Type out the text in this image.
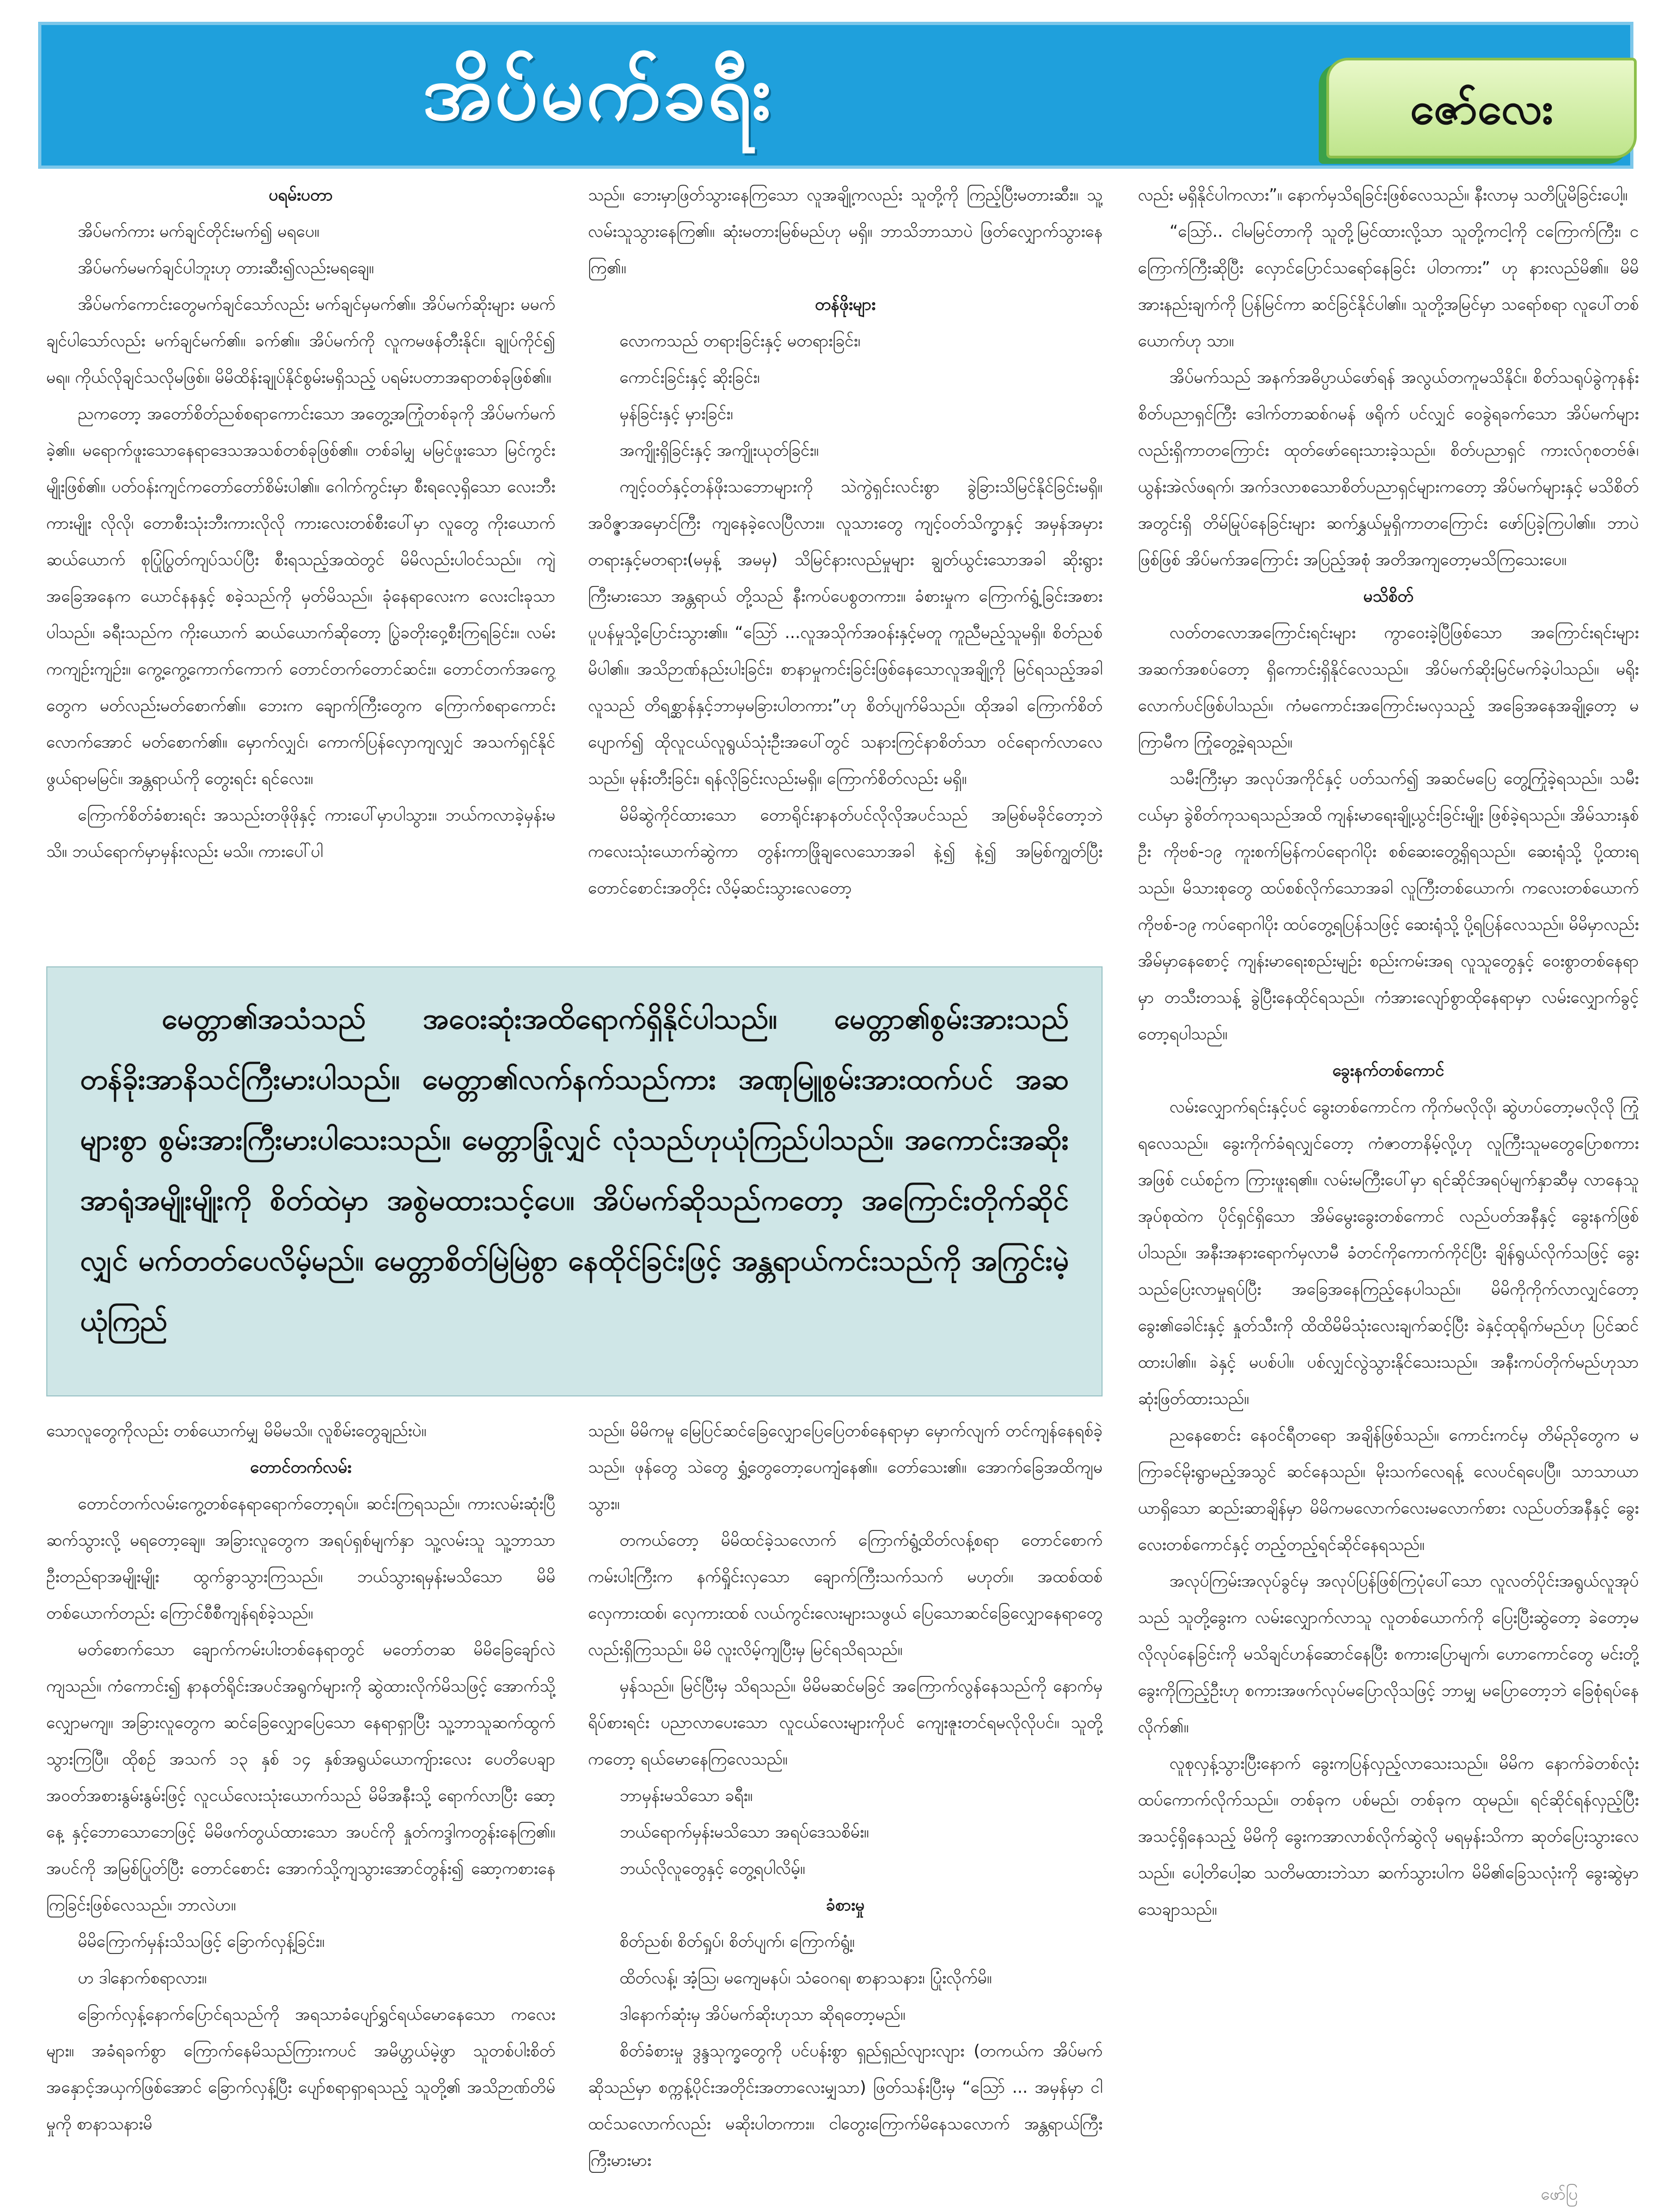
အိပ်မက်ခရီး	ဇော်လေး

ပရမ်းပတာ

အိပ်မက်ကား မက်ချင်တိုင်းမက်၍ မရပေ။

အိပ်မက်မမက်ချင်ပါဘူးဟု တားဆီး၍လည်းမရချေ။

အိပ်မက်ကောင်းတွေမက်ချင်သော်လည်း မက်ချင်မှမက်၏။ အိပ်မက်ဆိုးများ မမက်ချင်ပါသော်လည်း မက်ချင်မက်၏။ ခက်၏။ အိပ်မက်ကို လူကမဖန်တီးနိုင်။ ချုပ်ကိုင်၍ မရ။ ကိုယ်လိုချင်သလိုမဖြစ်။ မိမိထိန်းချုပ်နိုင်စွမ်းမရှိသည့် ပရမ်းပတာအရာတစ်ခုဖြစ်၏။

ညကတော့ အတော်စိတ်ညစ်စရာကောင်းသော အတွေ့အကြုံတစ်ခုကို အိပ်မက်မက်ခဲ့၏။ မရောက်ဖူးသောနေရာဒေသအသစ်တစ်ခုဖြစ်၏။ တစ်ခါမျှ မမြင်ဖူးသော မြင်ကွင်းမျိုးဖြစ်၏။ ပတ်ဝန်းကျင်ကတော်တော်စိမ်းပါ၏။ ဂေါက်ကွင်းမှာ စီးရလေ့ရှိသော လေးဘီးကားမျိုး လိုလို၊ တောစီးသုံးဘီးကားလိုလို ကားလေးတစ်စီးပေါ်မှာ လူတွေ ကိုးယောက်ဆယ်ယောက် စုပြုံပြွတ်ကျပ်သပ်ပြီး စီးရသည့်အထဲတွင် မိမိလည်းပါဝင်သည်။ ကျဲအခြေအနေက ယောင်နနနှင့် စခဲ့သည်ကို မှတ်မိသည်။ ခုံနေရာလေးက လေးငါးခုသာပါသည်။ ခရီးသည်က ကိုးယောက် ဆယ်ယောက်ဆိုတော့ ပြွဲခတိုးဝှေ့စီးကြရခြင်း။ လမ်းကကျဉ်းကျဉ်း။ ကွေ့ကွေ့ကောက်ကောက် တောင်တက်တောင်ဆင်း။ တောင်တက်အကွေ့တွေက မတ်လည်းမတ်စောက်၏။ ဘေးက ချောက်ကြီးတွေက ကြောက်စရာကောင်းလောက်အောင် မတ်စောက်၏။ မှောက်လျှင်၊ ကောက်ပြန်လှောကျလျှင် အသက်ရှင်နိုင်ဖွယ်ရာမမြင်။ အန္တရာယ်ကို တွေးရင်း ရင်လေး။

ကြောက်စိတ်ခံစားရင်း အသည်းတဖိုဖိုနှင့် ကားပေါ်မှာပါသွား။ ဘယ်ကလာခဲ့မှန်းမသိ။ ဘယ်ရောက်မှာမှန်းလည်း မသိ။ ကားပေါ်ပါ

သည်။ ဘေးမှာဖြတ်သွားနေကြသော လူအချို့ကလည်း သူတို့ကို ကြည့်ပြီးမတားဆီး။ သူ့လမ်းသူသွားနေကြ၏။ ဆုံးမတားမြစ်မည်ဟု မရှိ။ ဘာသိဘာသာပဲ ဖြတ်လျှောက်သွားနေကြ၏။

တန်ဖိုးများ

လောကသည် တရားခြင်းနှင့် မတရားခြင်း၊

ကောင်းခြင်းနှင့် ဆိုးခြင်း၊

မှန်ခြင်းနှင့် မှားခြင်း၊

အကျိုးရှိခြင်းနှင့် အကျိုးယုတ်ခြင်း။

ကျင့်ဝတ်နှင့်တန်ဖိုးသဘောများကို သဲကွဲရှင်းလင်းစွာ ခွဲခြားသိမြင်နိုင်ခြင်းမရှိ။ အဝိဇ္ဇာအမှောင်ကြီး ကျနေခဲ့လေပြီလား။ လူသားတွေ ကျင့်ဝတ်သိက္ခာနှင့် အမှန်အမှား တရားနှင့်မတရား(မမှန့် အမမှ) သိမြင်နားလည်မှုများ ချွတ်ယွင်းသောအခါ ဆိုးရွားကြီးမားသော အန္တရာယ် တို့သည် နီးကပ်ပေစွတကား။ ခံစားမှုက ကြောက်ရွံ့ခြင်းအစား ပူပန်မှုသို့ပြောင်းသွား၏။ “ဩော် ...လူအသိုက်အဝန်းနှင့်မတူ ကူညီမည့်သူမရှိ။ စိတ်ညစ်မိပါ၏။ အသိဉာဏ်နည်းပါးခြင်း၊ စာနာမှုကင်းခြင်းဖြစ်နေသောလူအချို့ကို မြင်ရသည့်အခါ လူသည် တိရစ္ဆာန်နှင့်ဘာမှမခြားပါတကား”ဟု စိတ်ပျက်မိသည်။ ထိုအခါ ကြောက်စိတ်ပျောက်၍ ထိုလူငယ်လူရွယ်သုံးဦးအပေါ်တွင် သနားကြင်နာစိတ်သာ ဝင်ရောက်လာလေသည်။ မုန်းတီးခြင်း၊ ရန်လိုခြင်းလည်းမရှိ။ ကြောက်စိတ်လည်း မရှိ။

မိမိဆွဲကိုင်ထားသော တောရိုင်းနာနတ်ပင်လိုလိုအပင်သည် အမြစ်မခိုင်တော့ဘဲ ကလေးသုံးယောက်ဆွဲကာ တွန်းကာဖြိုချလေသောအခါ နဲ့၍ နဲ့၍ အမြစ်ကျွတ်ပြီး တောင်စောင်းအတိုင်း လိမ့်ဆင်းသွားလေတော့

လည်း မရှိနိုင်ပါကလား”။ နောက်မှသိရခြင်းဖြစ်လေသည်။ နီးလာမှ သတိပြုမိခြင်းပေါ့။

“ဩော်.. ငါမမြင်တာကို သူတို့မြင်ထားလို့သာ သူတို့ကငါ့ကို ငကြောက်ကြီး၊ ငကြောက်ကြီးဆိုပြီး လှောင်ပြောင်သရော်နေခြင်း ပါတကား” ဟု နားလည်မိ၏။ မိမိအားနည်းချက်ကို ပြန်မြင်ကာ ဆင်ခြင်နိုင်ပါ၏။ သူတို့အမြင်မှာ သရော်စရာ လူပေါ်တစ်ယောက်ဟု သာ။

အိပ်မက်သည် အနက်အဓိပ္ပာယ်ဖော်ရန် အလွယ်တကူမသိနိုင်။ စိတ်သရုပ်ခွဲကုနန်း စိတ်ပညာရှင်ကြီး ဒေါက်တာဆစ်ဂမန် ဖရိုက် ပင်လျှင် ဝေခွဲရခက်သော အိပ်မက်များလည်းရှိကာတကြောင်း ထုတ်ဖော်ရေးသားခဲ့သည်။ စိတ်ပညာရှင် ကားလ်ဂုစတဗ်ဇ်၊ ယွန်းအဲလ်ဖရက်၊ အက်ဒလာစသောစိတ်ပညာရှင်များကတော့ အိပ်မက်များနှင့် မသိစိတ်အတွင်းရှိ တိမ်မြုပ်နေခြင်းများ ဆက်နွှယ်မှုရှိကာတကြောင်း ဖော်ပြခဲ့ကြပါ၏။ ဘာပဲဖြစ်ဖြစ် အိပ်မက်အကြောင်း အပြည့်အစုံ အတိအကျတော့မသိကြသေးပေ။

မသိစိတ်

လတ်တလောအကြောင်းရင်းများ ကွာဝေးခဲ့ပြီဖြစ်သော အကြောင်းရင်းများ အဆက်အစပ်တော့ ရှိကောင်းရှိနိုင်လေသည်။ အိပ်မက်ဆိုးမြင်မက်ခဲ့ပါသည်။ မရိုးလောက်ပင်ဖြစ်ပါသည်။ ကံမကောင်းအကြောင်းမလှသည့် အခြေအနေအချို့တော့ မကြာမီက ကြုံတွေ့ခဲ့ရသည်။

သမီးကြီးမှာ အလုပ်အကိုင်နှင့် ပတ်သက်၍ အဆင်မပြေ တွေ့ကြုံခဲ့ရသည်။ သမီးငယ်မှာ ခွဲစိတ်ကုသရသည်အထိ ကျန်းမာရေးချို့ယွင်းခြင်းမျိုး ဖြစ်ခဲ့ရသည်။ အိမ်သားနှစ်ဦး ကိုဗစ်-၁၉ ကူးစက်မြန်ကပ်ရောဂါပိုး စစ်ဆေးတွေ့ရှိရသည်။ ဆေးရုံသို့ ပို့ထားရသည်။ မိသားစုတွေ ထပ်စစ်လိုက်သောအခါ လူကြီးတစ်ယောက်၊ ကလေးတစ်ယောက် ကိုဗစ်-၁၉ ကပ်ရောဂါပိုး ထပ်တွေ့ရပြန်သဖြင့် ဆေးရုံသို့ ပို့ရပြန်လေသည်။ မိမိမှာလည်း အိမ်မှာနေစောင့် ကျန်းမာရေးစည်းမျဉ်း စည်းကမ်းအရ လူသူတွေနှင့် ဝေးစွာတစ်နေရာမှာ တသီးတသန့် ခွဲပြီးနေထိုင်ရသည်။ ကံအားလျော်စွာထိုနေရာမှာ လမ်းလျှောက်ခွင့်တော့ရပါသည်။

ခွေးနက်တစ်ကောင်

လမ်းလျှောက်ရင်းနှင့်ပင် ခွေးတစ်ကောင်က ကိုက်မလိုလို၊ ဆွဲဟပ်တော့မလိုလို ကြုံရလေသည်။ ခွေးကိုက်ခံရလျှင်တော့ ကံဇာတာနိမ့်လို့ဟု လူကြီးသူမတွေပြောစကားအဖြစ် ငယ်စဉ်က ကြားဖူးရ၏။ လမ်းမကြီးပေါ်မှာ ရင်ဆိုင်အရပ်မျက်နှာဆီမှ လာနေသူ အုပ်စုထဲက ပိုင်ရှင်ရှိသော အိမ်မွေးခွေးတစ်ကောင် လည်ပတ်အနီနှင့် ခွေးနက်ဖြစ်ပါသည်။ အနီးအနားရောက်မှလာမီ ခံတင်ကိုကောက်ကိုင်ပြီး ချိန်ရွယ်လိုက်သဖြင့် ခွေးသည်ပြေးလာမှုရပ်ပြီး အခြေအနေကြည့်နေပါသည်။ မိမိကိုကိုက်လာလျှင်တော့ ခွေး၏ခေါင်းနှင့် နှုတ်သီးကို ထိထိမိမိသုံးလေးချက်ဆင့်ပြီး ခဲနှင့်ထုရိုက်မည်ဟု ပြင်ဆင်ထားပါ၏။ ခဲနှင့် မပစ်ပါ။ ပစ်လျှင်လွဲသွားနိုင်သေးသည်။ အနီးကပ်တိုက်မည်ဟုသာ ဆုံးဖြတ်ထားသည်။

ညနေစောင်း နေဝင်ရီတရော အချိန်ဖြစ်သည်။ ကောင်းကင်မှ တိမ်ညိုတွေက မကြာခင်မိုးရွာမည့်အသွင် ဆင်နေသည်။ မိုးသက်လေရန့် လေပင်ရပေပြီ။ သာသာယာယာရှိသော ဆည်းဆာချိန်မှာ မိမိကမလောက်လေးမလောက်စား လည်ပတ်အနီနှင့် ခွေးလေးတစ်ကောင်နှင့် တည့်တည့်ရင်ဆိုင်နေရသည်။

အလုပ်ကြမ်းအလုပ်ခွင်မှ အလုပ်ပြန်ဖြစ်ကြပုံပေါ်သော လူလတ်ပိုင်းအရွယ်လူအုပ်သည် သူတို့ခွေးက လမ်းလျှောက်လာသူ လူတစ်ယောက်ကို ပြေးပြီးဆွဲတော့ ခဲတော့မလိုလုပ်နေခြင်းကို မသိချင်ဟန်ဆောင်နေပြီး စကားပြောမျက်၊ ဟောကောင်တွေ မင်းတို့ခွေးကိုကြည့်ဦးဟု စကားအဖက်လုပ်မပြောလိုသဖြင့် ဘာမျှ မပြောတော့ဘဲ ခြေစုံရပ်နေလိုက်၏။

လူစုလှန့်သွားပြီးနောက် ခွေးကပြန်လှည့်လာသေးသည်။ မိမိက နောက်ခဲတစ်လုံး ထပ်ကောက်လိုက်သည်။ တစ်ခုက ပစ်မည်၊ တစ်ခုက ထုမည်။ ရင်ဆိုင်ရန်လှည့်ပြီး အသင့်ရှိနေသည့် မိမိကို ခွေးကအာလာစ်လိုက်ဆွဲလို မရမှန်းသိကာ ဆုတ်ပြေးသွားလေသည်။ ပေါ့တိပေါ့ဆ သတိမထားဘဲသာ ဆက်သွားပါက မိမိ၏ခြေသလုံးကို ခွေးဆွဲမှာ သေချာသည်။

မေတ္တာ၏အသံသည် အဝေးဆုံးအထိရောက်ရှိနိုင်ပါသည်။ မေတ္တာ၏စွမ်းအားသည် တန်ခိုးအာနိသင်ကြီးမားပါသည်။ မေတ္တာ၏လက်နက်သည်ကား အဏုမြူစွမ်းအားထက်ပင် အဆများစွာ စွမ်းအားကြီးမားပါသေးသည်။ မေတ္တာခြုံလျှင် လုံသည်ဟုယုံကြည်ပါသည်။ အကောင်းအဆိုး အာရုံအမျိုးမျိုးကို စိတ်ထဲမှာ အစွဲမထားသင့်ပေ။ အိပ်မက်ဆိုသည်ကတော့ အကြောင်းတိုက်ဆိုင်လျှင် မက်တတ်ပေလိမ့်မည်။ မေတ္တာစိတ်မြဲမြဲစွာ နေထိုင်ခြင်းဖြင့် အန္တရာယ်ကင်းသည်ကို အကြွင်းမဲ့ယုံကြည်

သောလူတွေကိုလည်း တစ်ယောက်မျှ မိမိမသိ။ လူစိမ်းတွေချည်းပဲ။

တောင်တက်လမ်း

တောင်တက်လမ်းကွေ့တစ်နေရာရောက်တော့ရပ်။ ဆင်းကြရသည်။ ကားလမ်းဆုံးပြီ ဆက်သွားလို့ မရတော့ချေ။ အခြားလူတွေက အရပ်ရှစ်မျက်နှာ သူ့လမ်းသူ သူ့ဘာသာဦးတည်ရာအမျိုးမျိုး ထွက်ခွာသွားကြသည်။ ဘယ်သွားရမှန်းမသိသော မိမိတစ်ယောက်တည်း ကြောင်စီစီကျန်ရစ်ခဲ့သည်။

မတ်စောက်သော ချောက်ကမ်းပါးတစ်နေရာတွင် မတော်တဆ မိမိခြေချော်လဲကျသည်။ ကံကောင်း၍ နာနတ်ရိုင်းအပင်အရွက်များကို ဆွဲထားလိုက်မိသဖြင့် အောက်သို့ လျှောမကျ။ အခြားလူတွေက ဆင်ခြေလျှောပြေသော နေရာရှာပြီး သူ့ဘာသူဆက်ထွက်သွားကြပြီ။ ထိုစဉ် အသက် ၁၃ နှစ် ၁၄ နှစ်အရွယ်ယောကျ်ားလေး ပေတိပေချာ အဝတ်အစားနွမ်းနွမ်းဖြင့် လူငယ်လေးသုံးယောက်သည် မိမိအနီးသို့ ရောက်လာပြီး ဆော့နေ့ နှင့်ဘောသောဘေဖြင့် မိမိဖက်တွယ်ထားသော အပင်ကို နှုတ်ကဒ္ဒါကတွန်းနေကြ၏။ အပင်ကို အမြစ်ပြုတ်ပြီး တောင်စောင်း အောက်သို့ကျသွားအောင်တွန်း၍ ဆော့ကစားနေကြခြင်းဖြစ်လေသည်။ ဘာလဲဟ။

မိမိကြောက်မှန်းသိသဖြင့် ခြောက်လှန့်ခြင်း။

ဟ ဒါနောက်စရာလား။

ခြောက်လှန့်နောက်ပြောင်ရသည်ကို အရသာခံပျော်ရွှင်ရယ်မောနေသော ကလေးများ။ အခံရခက်စွာ ကြောက်နေမိသည်ကြားကပင် အမိဟ္တယ်မဲ့ဖွာ သူတစ်ပါးစိတ်အနှောင့်အယှက်ဖြစ်အောင် ခြောက်လှန့်ပြီး ပျော်စရာရှာရသည့် သူတို့၏ အသိဉာဏ်တိမ်မှုကို စာနာသနားမိ

သည်။ မိမိကမူ မြေပြင်ဆင်ခြေလျှောပြေပြေတစ်နေရာမှာ မှောက်လျက် တင်ကျန်နေရစ်ခဲ့သည်။ ဖုန်တွေ သဲတွေ ရွှံ့တွေတော့ပေကျံနေ၏။ တော်သေး၏။ အောက်ခြေအထိကျမသွား။

တကယ်တော့ မိမိထင်ခဲ့သလောက် ကြောက်ရွံ့ထိတ်လန့်စရာ တောင်စောက် ကမ်းပါးကြီးက နက်ရှိုင်းလှသော ချောက်ကြီးသက်သက် မဟုတ်။ အထစ်ထစ် လှေကားထစ်၊ လှေကားထစ် လယ်ကွင်းလေးများသဖွယ် ပြေသောဆင်ခြေလျှောနေရာတွေလည်းရှိကြသည်။ မိမိ လူးလိမ့်ကျပြီးမှ မြင်ရသိရသည်။

မှန်သည်။ မြင်ပြီးမှ သိရသည်။ မိမိမဆင်မခြင် အကြောက်လွန်နေသည်ကို နောက်မှရိပ်စားရင်း ပညာလာပေးသော လူငယ်လေးများကိုပင် ကျေးဇူးတင်ရမလိုလိုပင်။ သူတို့ကတော့ ရယ်မောနေကြလေသည်။

ဘာမှန်းမသိသော ခရီး။

ဘယ်ရောက်မှန်းမသိသော အရပ်ဒေသစိမ်း။

ဘယ်လိုလူတွေနှင့် တွေ့ရပါလိမ့်။

ခံစားမှု

စိတ်ညစ်၊ စိတ်ရှုပ်၊ စိတ်ပျက်၊ ကြောက်ရွံ့။

ထိတ်လန့်၊ အံ့ဩ၊ မကျေမနပ်၊ သံဝေဂရ၊ စာနာသနား၊ ပြုံးလိုက်မိ။

ဒါနောက်ဆုံးမှ အိပ်မက်ဆိုးဟုသာ ဆိုရတော့မည်။

စိတ်ခံစားမှု ဒွန္ဒသုက္ခတွေကို ပင်ပန်းစွာ ရှည်ရှည်လျားလျား (တကယ်က အိပ်မက်ဆိုသည်မှာ စက္ကန့်ပိုင်းအတိုင်းအတာလေးမျှသာ) ဖြတ်သန်းပြီးမှ “ဩော် ... အမှန်မှာ ငါထင်သလောက်လည်း မဆိုးပါတကား။ ငါတွေးကြောက်မိနေသလောက် အန္တရာယ်ကြီးကြီးမားမား

ဖော်ပြ
